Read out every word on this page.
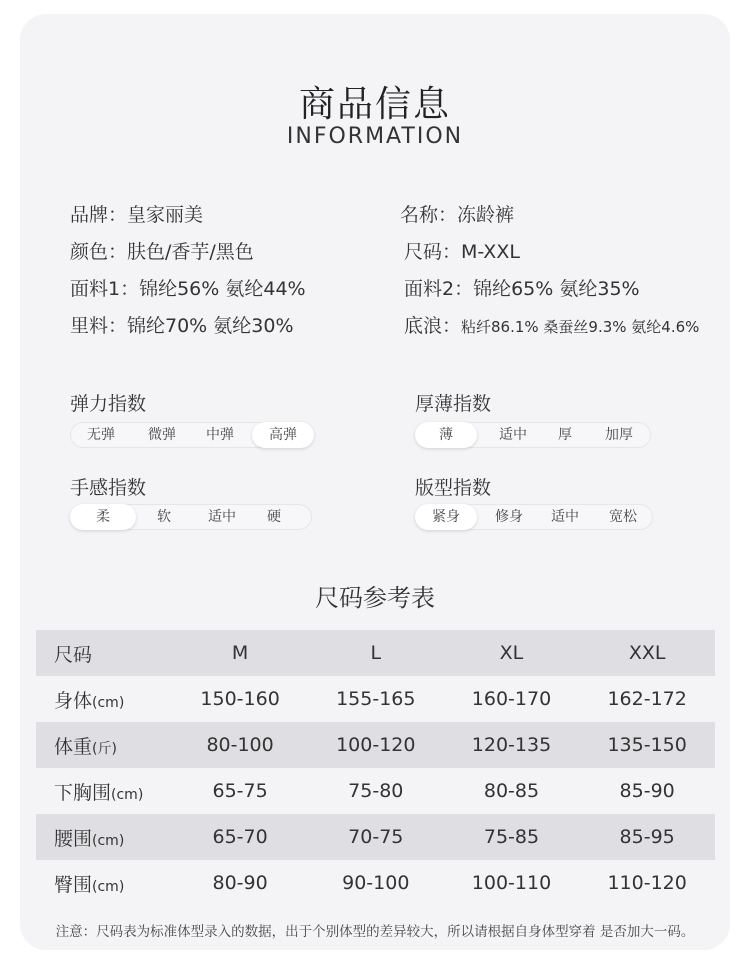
商品信息
INFORMATION
品牌：皇家丽美	名称：冻龄裤
颜色：肤色/香芋/黑色	尺码：M-XXL
面料1：锦纶56% 氨纶44%	面料2：锦纶65% 氨纶35%
里料：锦纶70% 氨纶30%	底浪：粘纤86.1% 桑蚕丝9.3% 氨纶4.6%
弹力指数
无弹	微弹	中弹	高弹
厚薄指数
薄	适中	厚	加厚
手感指数
柔	软	适中	硬
版型指数
紧身	修身	适中	宽松
尺码参考表
尺码	M	L	XL	XXL
身体(cm)	150-160	155-165	160-170	162-172
体重(斤)	80-100	100-120	120-135	135-150
下胸围(cm)	65-75	75-80	80-85	85-90
腰围(cm)	65-70	70-75	75-85	85-95
臀围(cm)	80-90	90-100	100-110	110-120
注意：尺码表为标准体型录入的数据，出于个别体型的差异较大，所以请根据自身体型穿着 是否加大一码。
